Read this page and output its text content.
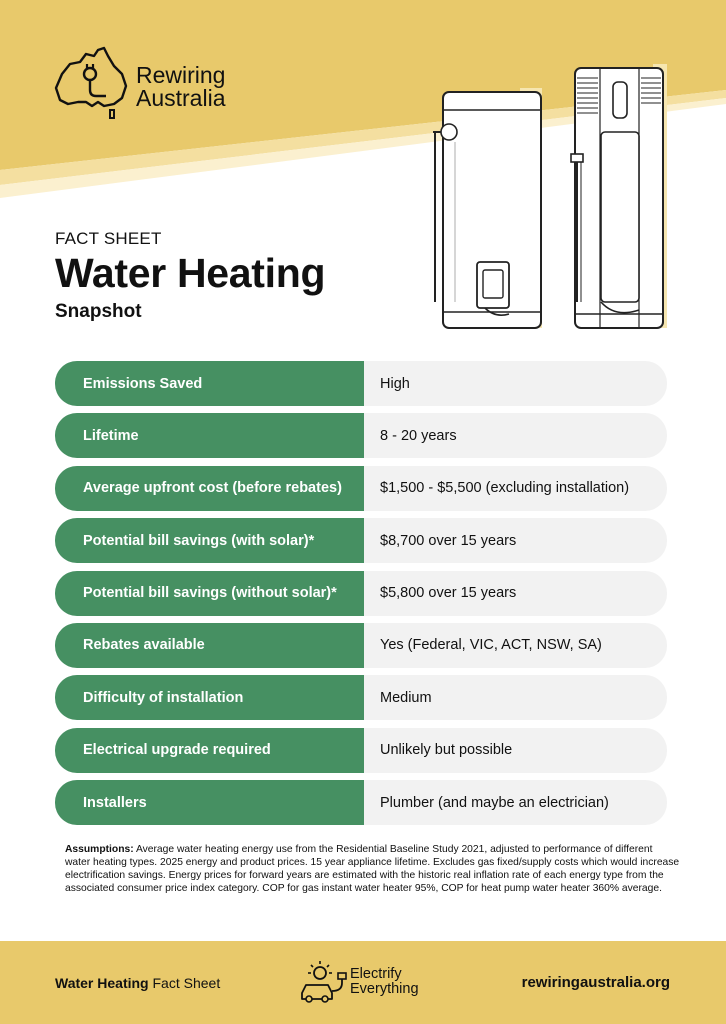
Rewiring
Australia
FACT SHEET
Water Heating
Snapshot
Emissions Saved	High
Lifetime	8 - 20 years
Average upfront cost (before rebates)	$1,500 - $5,500 (excluding installation)
Potential bill savings (with solar)*	$8,700 over 15 years
Potential bill savings (without solar)*	$5,800 over 15 years
Rebates available	Yes (Federal, VIC, ACT, NSW, SA)
Difficulty of installation	Medium
Electrical upgrade required	Unlikely but possible
Installers	Plumber (and maybe an electrician)

Assumptions: Average water heating energy use from the Residential Baseline Study 2021, adjusted to performance of different water heating types. 2025 energy and product prices. 15 year appliance lifetime. Excludes gas fixed/supply costs which would increase electrification savings. Energy prices for forward years are estimated with the historic real inflation rate of each energy type from the associated consumer price index category. COP for gas instant water heater 95%, COP for heat pump water heater 360% average.

Water Heating Fact Sheet
Electrify
Everything	rewiringaustralia.org
